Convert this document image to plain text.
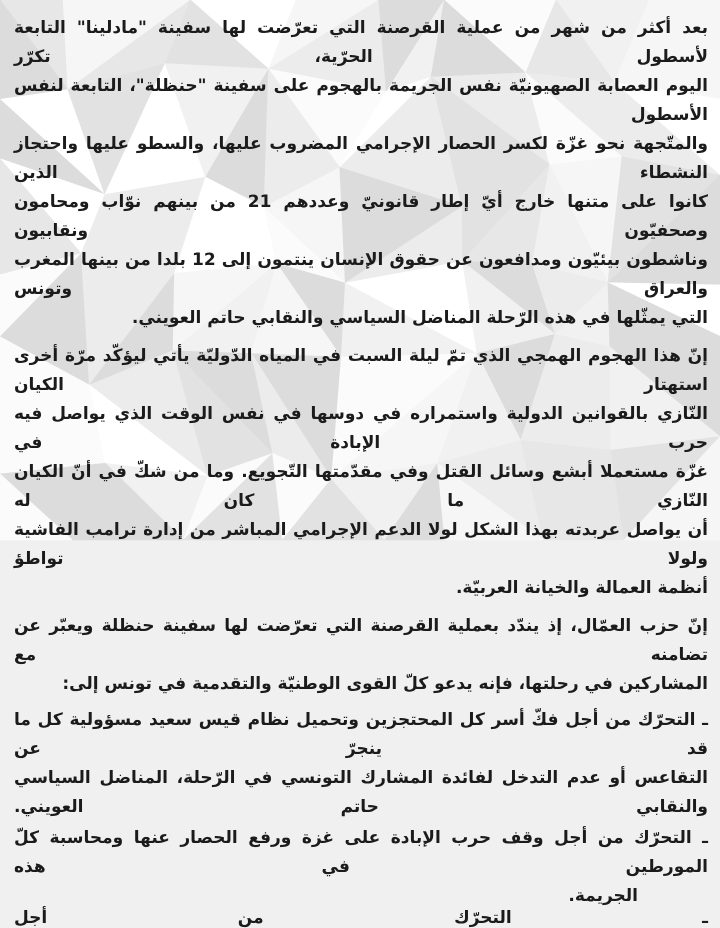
بعد أكثر من شهر من عملية القرصنة التي تعرّضت لها سفينة "مادلينا" التابعة لأسطول الحرّية، تكرّر
اليوم العصابة الصهيونيّة نفس الجريمة بالهجوم على سفينة "حنظلة"، التابعة لنفس الأسطول
والمتّجهة نحو غزّة لكسر الحصار الإجرامي المضروب عليها، والسطو عليها واحتجاز النشطاء الذين
كانوا على متنها خارج أيّ إطار قانونيّ وعددهم 21 من بينهم نوّاب ومحامون وصحفيّون ونقابيون
وناشطون بيئيّون ومدافعون عن حقوق الإنسان ينتمون إلى 12 بلدا من بينها المغرب والعراق وتونس
التي يمثّلها في هذه الرّحلة المناضل السياسي والنقابي حاتم العويني.
إنّ هذا الهجوم الهمجي الذي تمّ ليلة السبت في المياه الدّوليّة يأتي ليؤكّد مرّة أخرى استهتار الكيان
النّازي بالقوانين الدولية واستمراره في دوسها في نفس الوقت الذي يواصل فيه حرب الإبادة في
غزّة مستعملا أبشع وسائل القتل وفي مقدّمتها التّجويع. وما من شكّ في أنّ الكيان النّازي ما كان له
أن يواصل عربدته بهذا الشكل لولا الدعم الإجرامي المباشر من إدارة ترامب الفاشية ولولا تواطؤ
أنظمة العمالة والخيانة العربيّة.
إنّ حزب العمّال، إذ يندّد بعملية القرصنة التي تعرّضت لها سفينة حنظلة ويعبّر عن تضامنه مع
المشاركين في رحلتها، فإنه يدعو كلّ القوى الوطنيّة والتقدمية في تونس إلى:
ـ التحرّك من أجل فكّ أسر كل المحتجزين وتحميل نظام قيس سعيد مسؤولية كل ما قد ينجرّ عن
التقاعس أو عدم التدخل لفائدة المشارك التونسي في الرّحلة، المناضل السياسي والنقابي حاتم العويني.
ـ التحرّك من أجل وقف حرب الإبادة على غزة ورفع الحصار عنها ومحاسبة كلّ المورطين في هذه
الجريمة.
ـ التحرّك من أجل
